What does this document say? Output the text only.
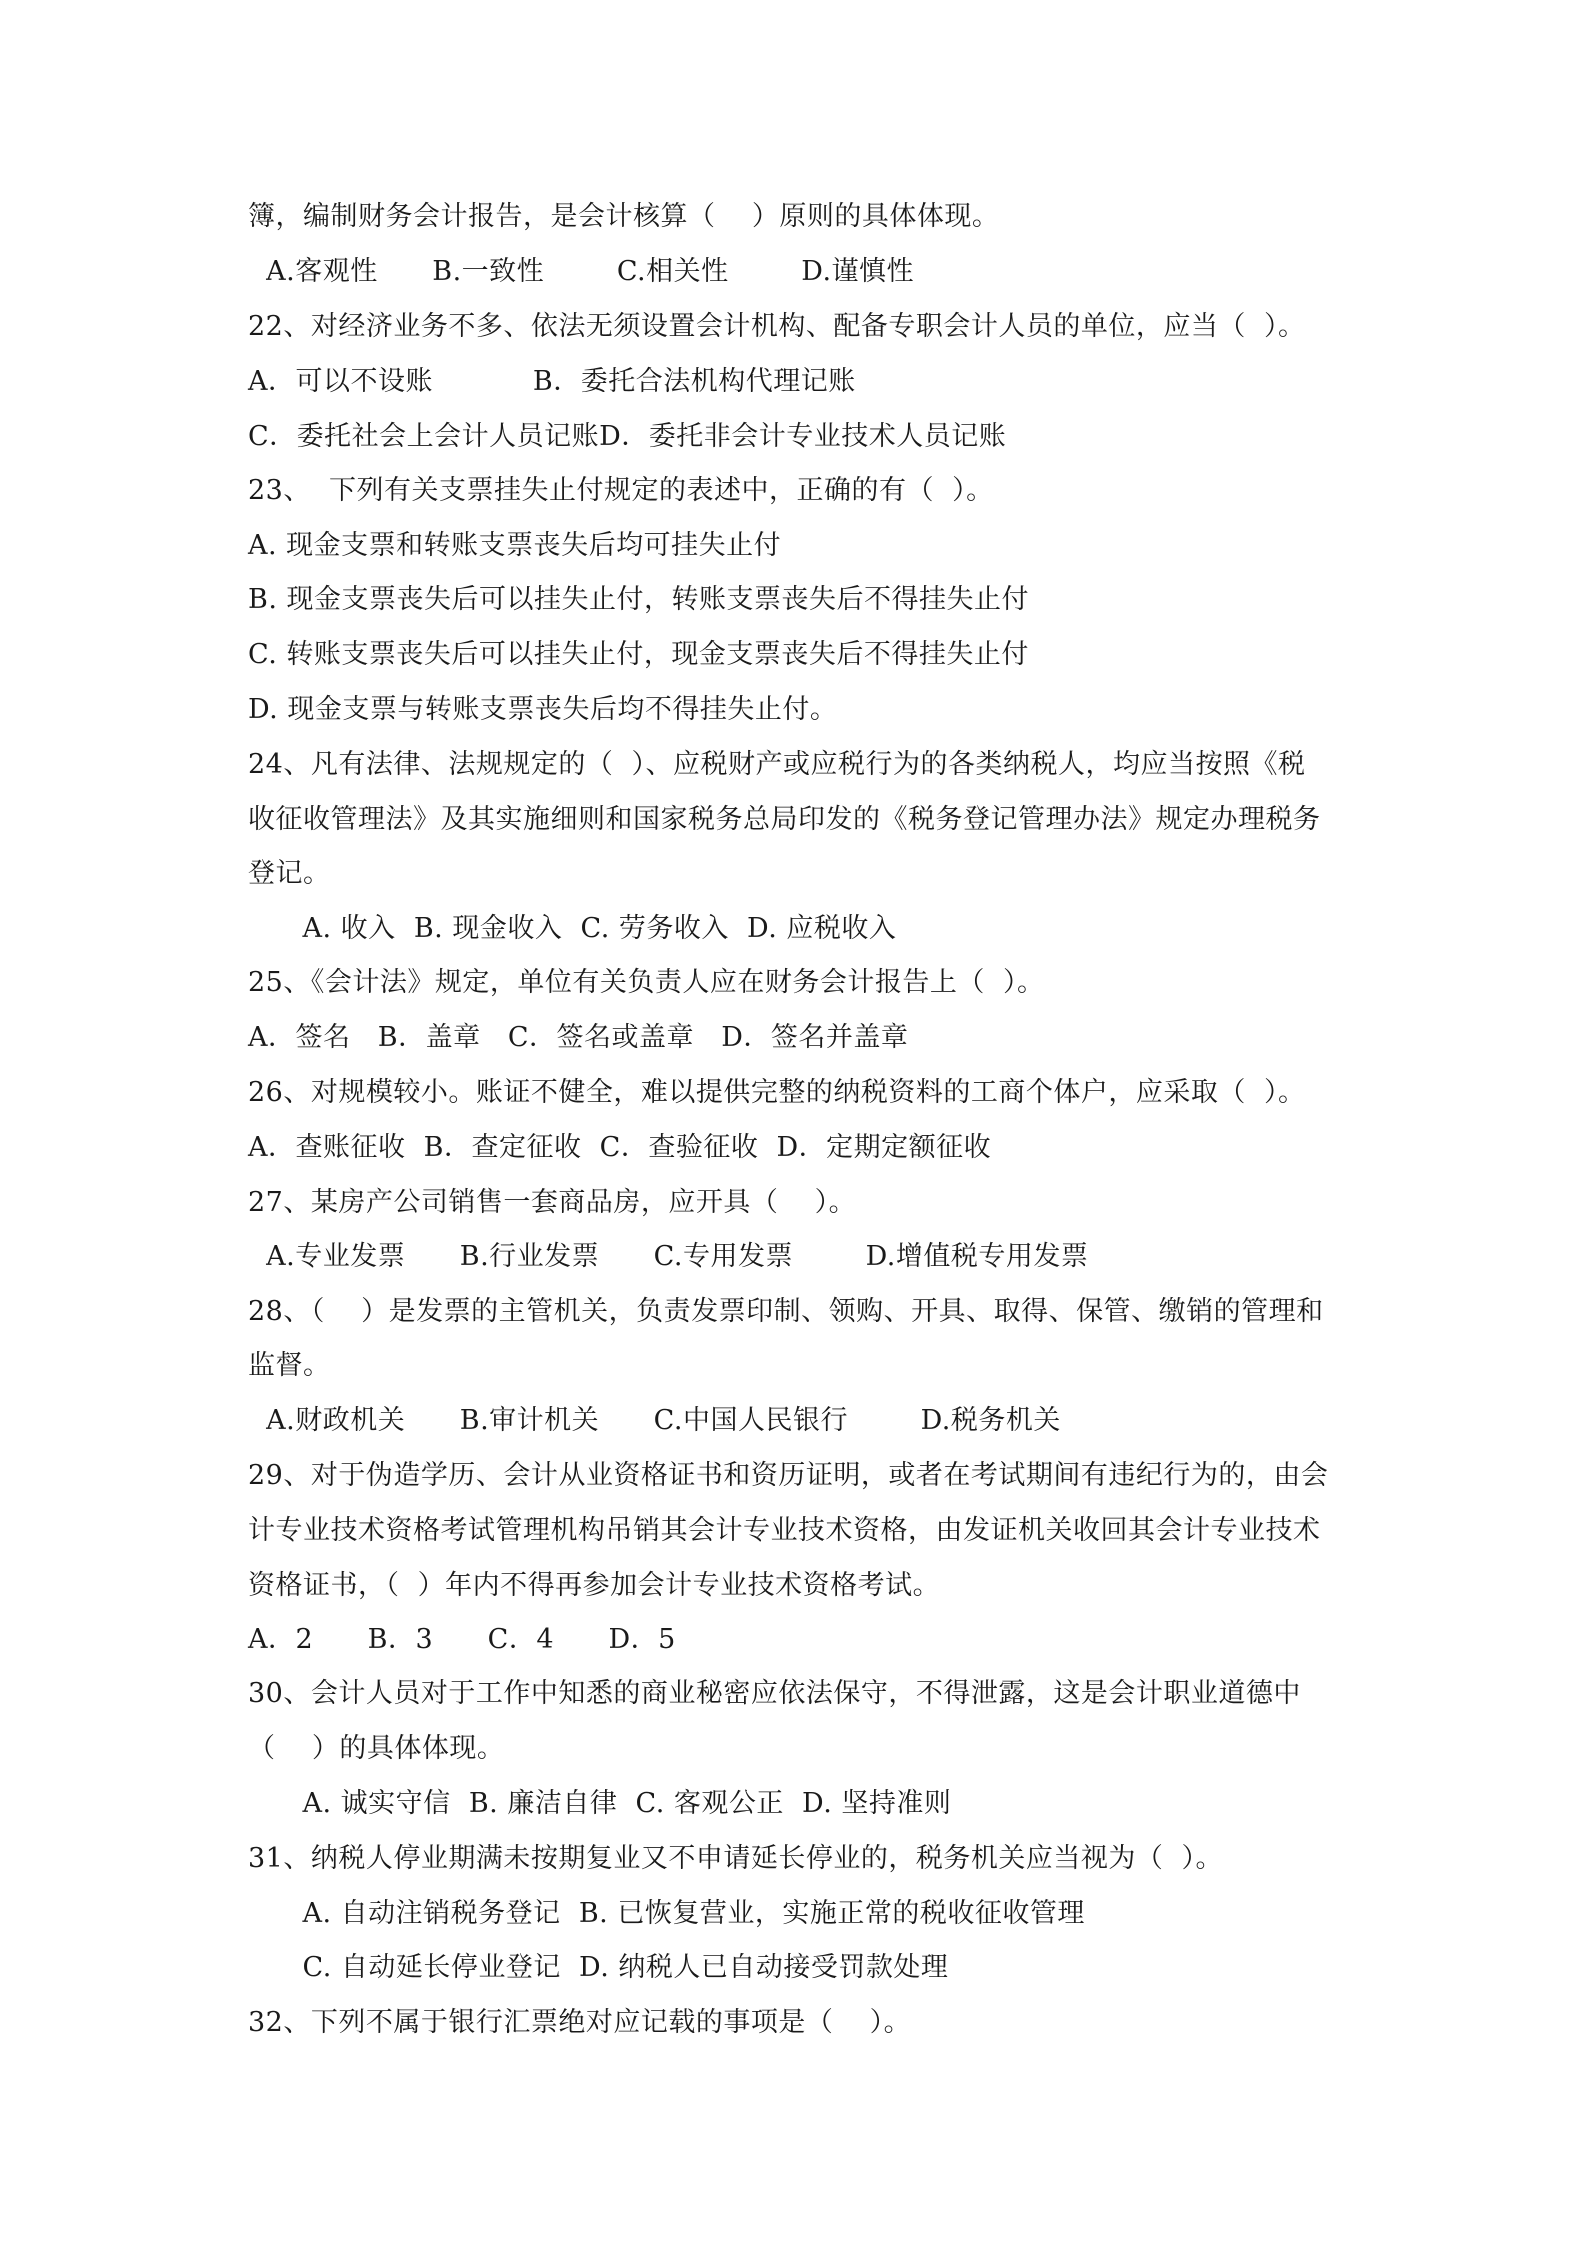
簿，编制财务会计报告，是会计核算（    ）原则的具体体现。
A.客观性      B.一致性        C.相关性        D.谨慎性
22、对经济业务不多、依法无须设置会计机构、配备专职会计人员的单位，应当（  ）。
A．可以不设账           B．委托合法机构代理记账
C．委托社会上会计人员记账D．委托非会计专业技术人员记账
23、  下列有关支票挂失止付规定的表述中，正确的有（  ）。
A. 现金支票和转账支票丧失后均可挂失止付
B. 现金支票丧失后可以挂失止付，转账支票丧失后不得挂失止付
C. 转账支票丧失后可以挂失止付，现金支票丧失后不得挂失止付
D. 现金支票与转账支票丧失后均不得挂失止付。
24、凡有法律、法规规定的（  ）、应税财产或应税行为的各类纳税人，均应当按照《税
收征收管理法》及其实施细则和国家税务总局印发的《税务登记管理办法》规定办理税务
登记。
A. 收入  B. 现金收入  C. 劳务收入  D. 应税收入
25、《会计法》规定，单位有关负责人应在财务会计报告上（  ）。
A．签名   B．盖章   C．签名或盖章   D．签名并盖章
26、对规模较小。账证不健全，难以提供完整的纳税资料的工商个体户，应采取（  ）。
A．查账征收  B．查定征收  C．查验征收  D．定期定额征收
27、某房产公司销售一套商品房，应开具（    ）。
A.专业发票      B.行业发票      C.专用发票        D.增值税专用发票
28、（    ）是发票的主管机关，负责发票印制、领购、开具、取得、保管、缴销的管理和
监督。
A.财政机关      B.审计机关      C.中国人民银行        D.税务机关
29、对于伪造学历、会计从业资格证书和资历证明，或者在考试期间有违纪行为的，由会
计专业技术资格考试管理机构吊销其会计专业技术资格，由发证机关收回其会计专业技术
资格证书，（  ）年内不得再参加会计专业技术资格考试。
A．2      B．3      C．4      D．5
30、会计人员对于工作中知悉的商业秘密应依法保守，不得泄露，这是会计职业道德中
（    ）的具体体现。
A. 诚实守信  B. 廉洁自律  C. 客观公正  D. 坚持准则
31、纳税人停业期满未按期复业又不申请延长停业的，税务机关应当视为（  ）。
A. 自动注销税务登记  B. 已恢复营业，实施正常的税收征收管理
C. 自动延长停业登记  D. 纳税人已自动接受罚款处理
32、下列不属于银行汇票绝对应记载的事项是（    ）。
